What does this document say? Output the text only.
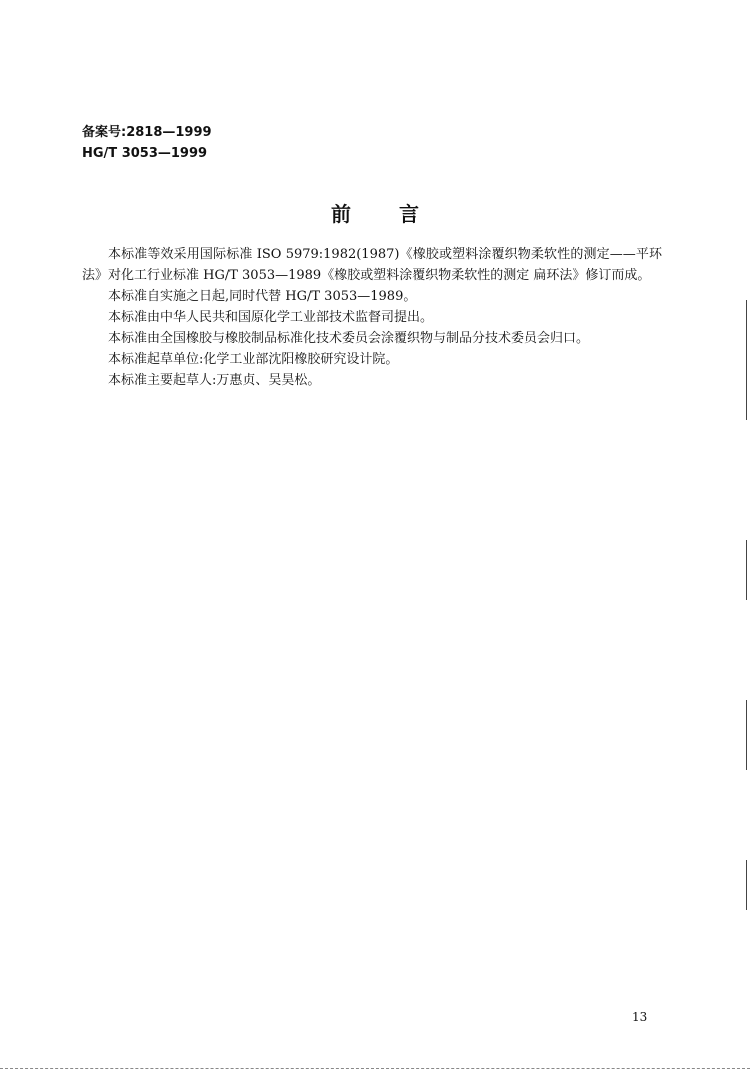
备案号:2818—1999
HG/T 3053—1999
前言

本标准等效采用国际标准 ISO 5979:1982(1987)《橡胶或塑料涂覆织物柔软性的测定——平环法》对化工行业标准 HG/T 3053—1989《橡胶或塑料涂覆织物柔软性的测定 扁环法》修订而成。

本标准自实施之日起,同时代替 HG/T 3053—1989。

本标准由中华人民共和国原化学工业部技术监督司提出。

本标准由全国橡胶与橡胶制品标准化技术委员会涂覆织物与制品分技术委员会归口。

本标准起草单位:化学工业部沈阳橡胶研究设计院。

本标准主要起草人:万惠贞、吴昊松。

13
